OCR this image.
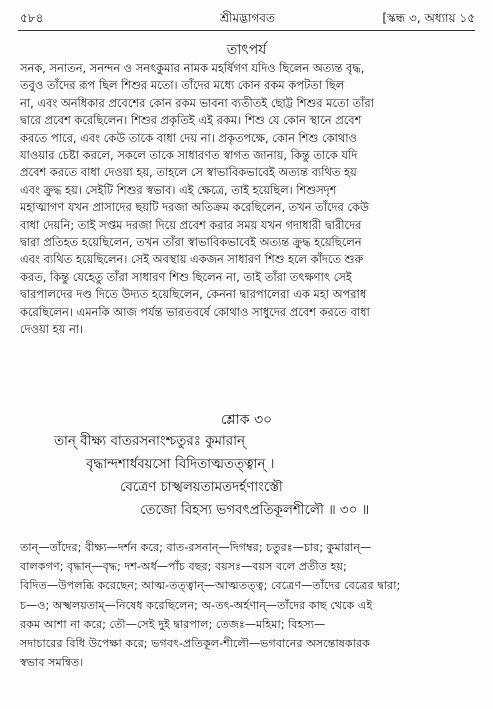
৫৮৪	শ্রীমদ্ভাগবত	[স্কন্ধ ৩, অধ্যায় ১৫
তাৎপর্য
সনক, সনাতন, সনন্দন ও সনৎকুমার নামক মহর্ষিগণ যদিও ছিলেন অত্যন্ত বৃদ্ধ,
তবুও তাঁদের রূপ ছিল শিশুর মতো। তাঁদের মধ্যে কোন রকম কপটতা ছিল
না, এবং অনধিকার প্রবেশের কোন রকম ভাবনা ব্যতীতই ছোট্ট শিশুর মতো তাঁরা
দ্বারে প্রবেশ করেছিলেন। শিশুর প্রকৃতিই এই রকম। শিশু যে কোন স্থানে প্রবেশ
করতে পারে, এবং কেউ তাকে বাধা দেয় না। প্রকৃতপক্ষে, কোন শিশু কোথাও
যাওয়ার চেষ্টা করলে, সকলে তাকে সাধারণত স্বাগত জানায়, কিন্তু তাকে যদি
প্রবেশ করতে বাধা দেওয়া হয়, তাহলে সে স্বাভাবিকভাবেই অত্যন্ত ব্যথিত হয়
এবং ক্রুদ্ধ হয়। সেইটি শিশুর স্বভাব। এই ক্ষেত্রে, তাই হয়েছিল। শিশুসদৃশ
মহাত্মাগণ যখন প্রাসাদের ছয়টি দরজা অতিক্রম করেছিলেন, তখন তাঁদের কেউ
বাধা দেয়নি; তাই সপ্তম দরজা দিয়ে প্রবেশ করার সময় যখন গদাধারী দ্বারীদের
দ্বারা প্রতিহত হয়েছিলেন, তখন তাঁরা স্বাভাবিকভাবেই অত্যন্ত ক্রুদ্ধ হয়েছিলেন
এবং ব্যথিত হয়েছিলেন। সেই অবস্থায় একজন সাধারণ শিশু হলে কাঁদতে শুরু
করত, কিন্তু যেহেতু তাঁরা সাধারণ শিশু ছিলেন না, তাই তাঁরা তৎক্ষণাৎ সেই
দ্বারপালদের দণ্ড দিতে উদ্যত হয়েছিলেন, কেননা দ্বারপালেরা এক মহা অপরাধ
করেছিলেন। এমনকি আজ পর্যন্ত ভারতবর্ষে কোথাও সাধুদের প্রবেশ করতে বাধা
দেওয়া হয় না।
শ্লোক ৩০
তান্ বীক্ষ্য বাতরসনাংশ্চতুরঃ কুমারান্
বৃদ্ধান্দশার্ধবয়সো বিদিতাত্মতত্ত্বান্ ।
বেত্রেণ চাস্খলয়তামতদর্হণাংস্তৌ
তেজো বিহস্য ভগবৎপ্রতিকূলশীলৌ ॥ ৩০ ॥
তান্—তাঁদের; বীক্ষ্য—দর্শন করে; বাত-রসনান্—দিগম্বর; চতুরঃ—চার; কুমারান্—
বালকগণ; বৃদ্ধান্—বৃদ্ধ; দশ-অর্ধ—পাঁচ বছর; বয়সঃ—বয়স বলে প্রতীত হয়;
বিদিত—উপলব্ধি করেছেন; আত্ম-তত্ত্বান্—আত্মতত্ত্ব; বেত্রেণ—তাঁদের বেত্রের দ্বারা;
চ—ও; অস্খলয়তাম্—নিষেধ করেছিলেন; অ-তৎ-অর্হণান্—তাঁদের কাছ থেকে এই
রকম আশা না করে; তৌ—সেই দুই দ্বারপাল; তেজঃ—মহিমা; বিহস্য—
সদাচারের বিধি উপেক্ষা করে; ভগবৎ-প্রতিকূল-শীলৌ—ভগবানের অসন্তোষকারক
স্বভাব সমন্বিত।
